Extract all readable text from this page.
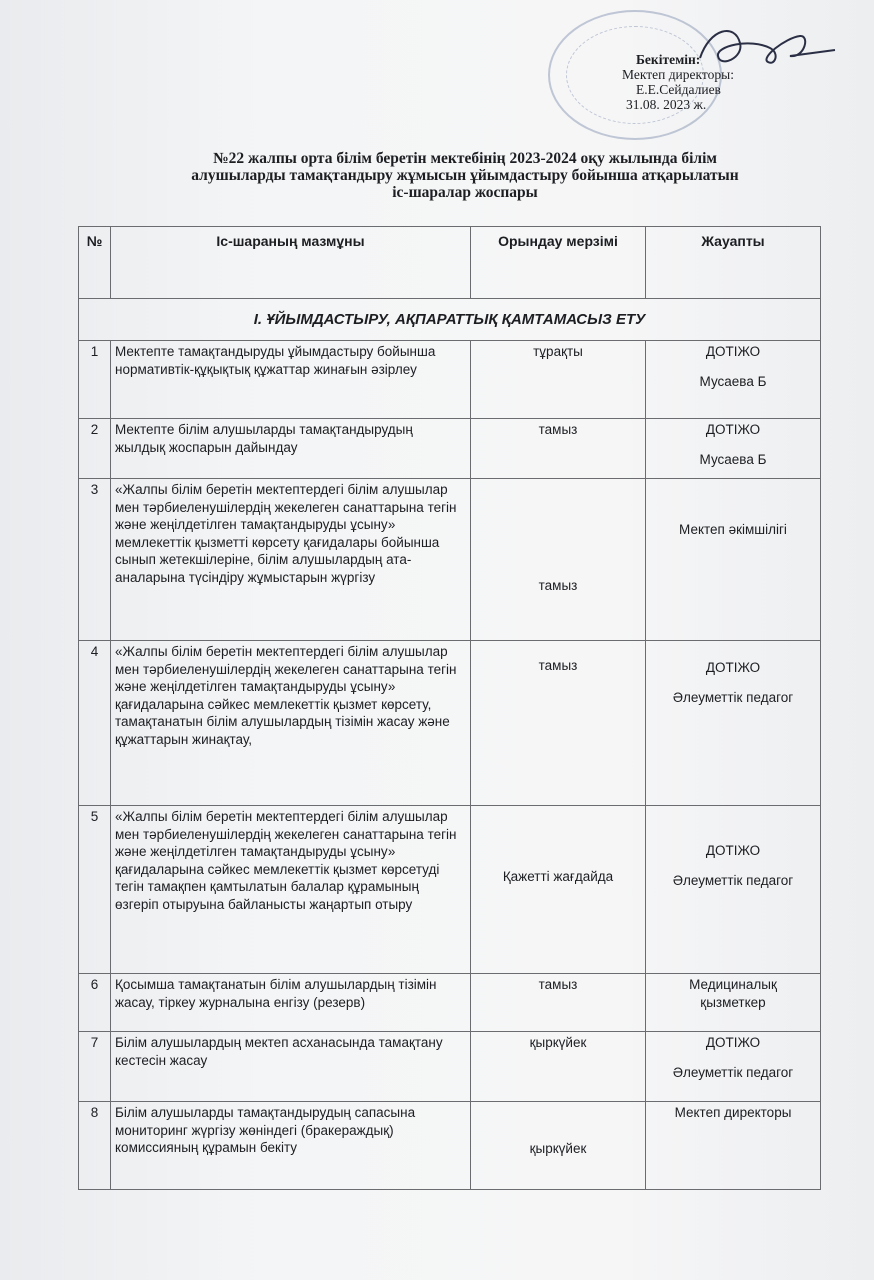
Бекітемін:
Мектеп директоры:
Е.Е.Сейдалиев
31.08. 2023 ж.
№22 жалпы орта білім беретін мектебінің 2023-2024 оқу жылында білім
алушыларды тамақтандыру жұмысын ұйымдастыру бойынша атқарылатын
іс-шаралар жоспары
№	Іс-шараның мазмұны	Орындау мерзімі	Жауапты
І. ҰЙЫМДАСТЫРУ, АҚПАРАТТЫҚ ҚАМТАМАСЫЗ ЕТУ			
1	Мектепте тамақтандыруды ұйымдастыру бойынша нормативтік-құқықтық құжаттар жинағын әзірлеу	тұрақты	ДОТІЖО
Мусаева Б

2	Мектепте білім алушыларды тамақтандырудың жылдық жоспарын дайындау	тамыз	ДОТІЖО
Мусаева Б

3	«Жалпы білім беретін мектептердегі білім алушылар мен тәрбиеленушілердің жекелеген санаттарына тегін және жеңілдетілген тамақтандыруды ұсыну» мемлекеттік қызметті көрсету қағидалары бойынша сынып жетекшілеріне, білім алушылардың ата-аналарына түсіндіру жұмыстарын жүргізу	тамыз	Мектеп әкімшілігі

4	«Жалпы білім беретін мектептердегі білім алушылар мен тәрбиеленушілердің жекелеген санаттарына тегін және жеңілдетілген тамақтандыруды ұсыну» қағидаларына сәйкес мемлекеттік қызмет көрсету, тамақтанатын білім алушылардың тізімін жасау және құжаттарын жинақтау,	тамыз	ДОТІЖО
Әлеуметтік педагог

5	«Жалпы білім беретін мектептердегі білім алушылар мен тәрбиеленушілердің жекелеген санаттарына тегін және жеңілдетілген тамақтандыруды ұсыну» қағидаларына сәйкес мемлекеттік қызмет көрсетуді тегін тамақпен қамтылатын балалар құрамының өзгеріп отыруына байланысты жаңартып отыру	Қажетті жағдайда	ДОТІЖО
Әлеуметтік педагог

6	Қосымша тамақтанатын білім алушылардың тізімін жасау, тіркеу журналына енгізу (резерв)	тамыз	Медициналық қызметкер

7	Білім алушылардың мектеп асханасында тамақтану кестесін жасау	қыркүйек	ДОТІЖО
Әлеуметтік педагог

8	Білім алушыларды тамақтандырудың сапасына мониторинг жүргізу жөніндегі (бракераждық) комиссияның құрамын бекіту	қыркүйек	Мектеп директоры
